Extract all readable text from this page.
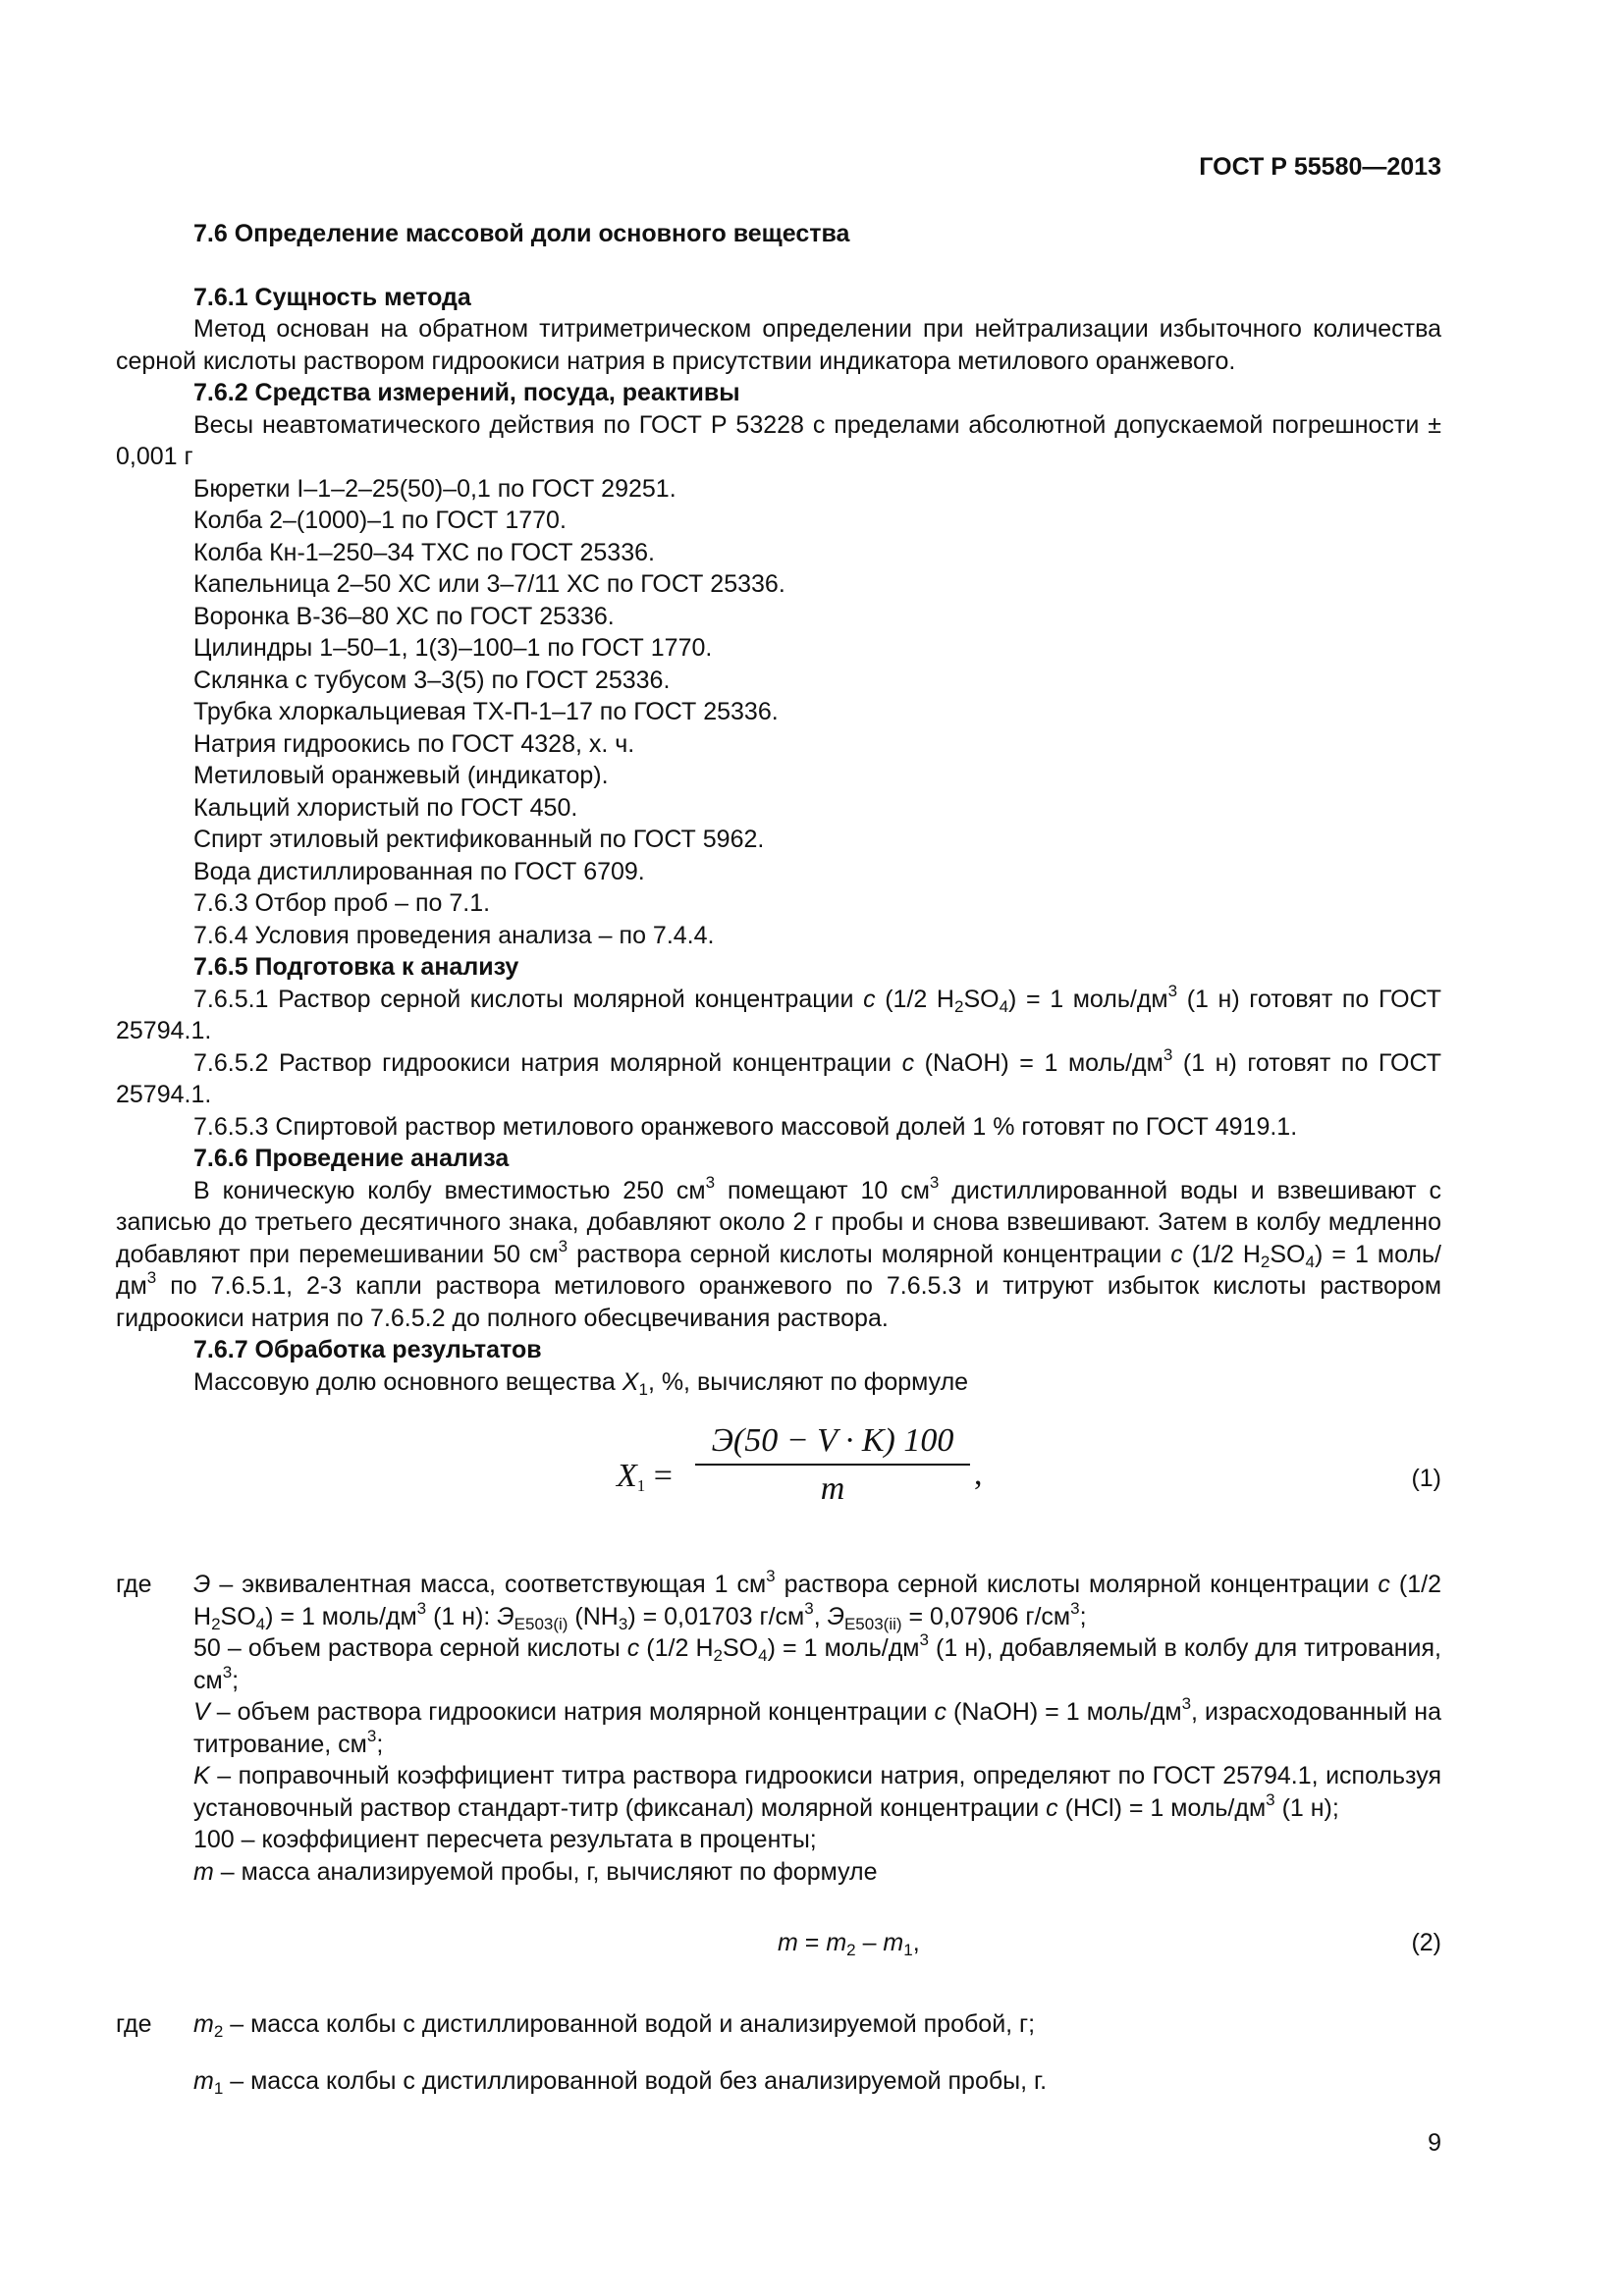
ГОСТ Р 55580—2013

7.6 Определение массовой доли основного вещества

7.6.1 Сущность метода

Метод основан на обратном титриметрическом определении при нейтрализации избыточного количества серной кислоты раствором гидроокиси натрия в присутствии индикатора метилового оранжевого.

7.6.2 Средства измерений, посуда, реактивы

Весы неавтоматического действия по ГОСТ Р 53228 с пределами абсолютной допускаемой погрешности ± 0,001 г

Бюретки I–1–2–25(50)–0,1 по ГОСТ 29251.

Колба 2–(1000)–1 по ГОСТ 1770.

Колба Кн-1–250–34 ТХС по ГОСТ 25336.

Капельница 2–50 ХС или 3–7/11 ХС по ГОСТ 25336.

Воронка В-36–80 ХС по ГОСТ 25336.

Цилиндры 1–50–1, 1(3)–100–1 по ГОСТ 1770.

Склянка с тубусом 3–3(5) по ГОСТ 25336.

Трубка хлоркальциевая ТХ-П-1–17 по ГОСТ 25336.

Натрия гидроокись по ГОСТ 4328, х. ч.

Метиловый оранжевый (индикатор).

Кальций хлористый по ГОСТ 450.

Спирт этиловый ректификованный по ГОСТ 5962.

Вода дистиллированная по ГОСТ 6709.

7.6.3 Отбор проб – по 7.1.

7.6.4 Условия проведения анализа – по 7.4.4.

7.6.5 Подготовка к анализу

7.6.5.1 Раствор серной кислоты молярной концентрации c (1/2 $H_2SO_4) = 1$ моль/$дм^3$ (1 н) готовят по ГОСТ 25794.1.

7.6.5.2 Раствор гидроокиси натрия молярной концентрации c (NaOH) = 1 моль/$дм^3$ (1 н) готовят по ГОСТ 25794.1.

7.6.5.3 Спиртовой раствор метилового оранжевого массовой долей 1 % готовят по ГОСТ 4919.1.

7.6.6 Проведение анализа

В коническую колбу вместимостью 250 $см^3$ помещают 10 $см^3$ дистиллированной воды и взвешивают с записью до третьего десятичного знака, добавляют около 2 г пробы и снова взвешивают. Затем в колбу медленно добавляют при перемешивании 50 $см^3$ раствора серной кислоты молярной концентрации c (1/2 $H_2SO_4) = 1$ моль/$дм^3$ по 7.6.5.1, 2-3 капли раствора метилового оранжевого по 7.6.5.3 и титруют избыток кислоты раствором гидроокиси натрия по 7.6.5.2 до полного обесцвечивания раствора.

7.6.7 Обработка результатов

Массовую долю основного вещества $X_1$, %, вычисляют по формуле

$X_1$ =
Э(50 − V · K) 100
m	,	(1)
где Э – эквивалентная масса, соответствующая 1 $см^3$ раствора серной кислоты молярной концентрации c (1/2 $H_2SO_4) = 1$ моль/$дм^3$ (1 н): $Э_{E503(i)}$ $(NH_3) = 0,01703$ $г/см^3$, $Э_{E503(ii)} = 0,07906$ $г/см^3$;

50 – объем раствора серной кислоты c (1/2 $H_2SO_4) = 1$ моль/$дм^3$ (1 н), добавляемый в колбу для титрования, $см^3$;

V – объем раствора гидроокиси натрия молярной концентрации c (NaOH) = 1 моль/$дм^3$, израсходованный на титрование, $см^3$;

K – поправочный коэффициент титра раствора гидроокиси натрия, определяют по ГОСТ 25794.1, используя установочный раствор стандарт-титр (фиксанал) молярной концентрации c (HCl) = 1 моль/$дм^3$ (1 н);

100 – коэффициент пересчета результата в проценты;

m – масса анализируемой пробы, г, вычисляют по формуле

$m = m_2 - m_1$,	(2)
где $m_2$ – масса колбы с дистиллированной водой и анализируемой пробой, г;

$m_1$ – масса колбы с дистиллированной водой без анализируемой пробы, г.

9
